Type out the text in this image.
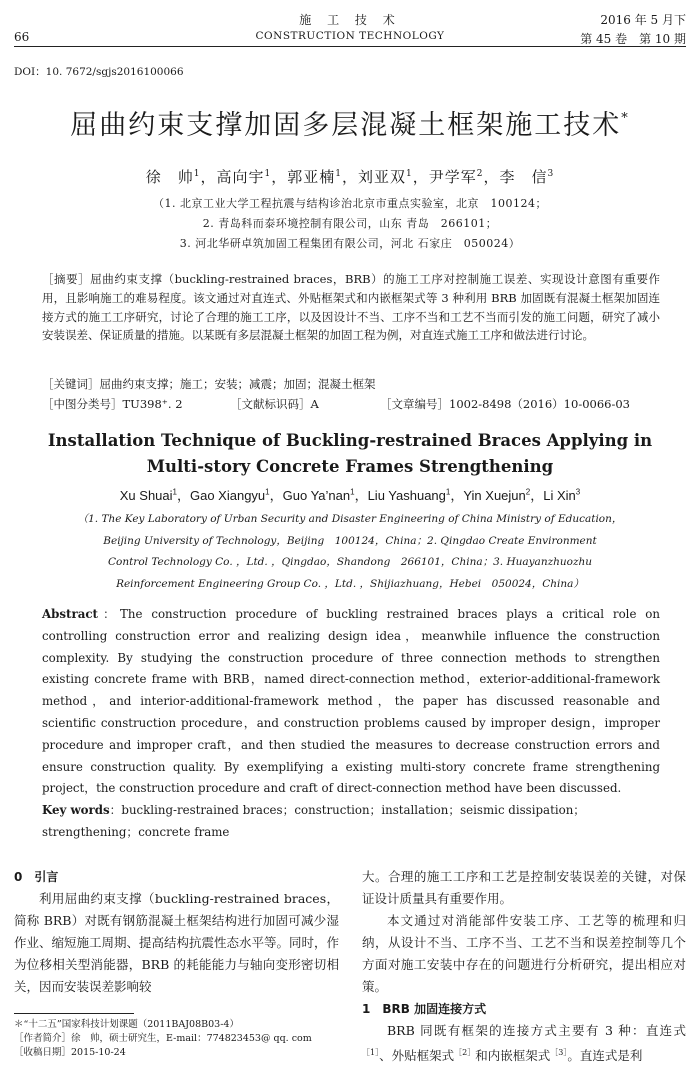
66
施 工 技 术
CONSTRUCTION TECHNOLOGY
2016 年 5 月下
第 45 卷　第 10 期
DOI：10. 7672/sgjs2016100066
屈曲约束支撑加固多层混凝土框架施工技术*
徐　帅$^1$，高向宇$^1$，郭亚楠$^1$，刘亚双$^1$，尹学军$^2$，李　信$^3$
（1. 北京工业大学工程抗震与结构诊治北京市重点实验室，北京　100124；
2. 青岛科而泰环境控制有限公司，山东 青岛　266101；
3. 河北华研卓筑加固工程集团有限公司，河北 石家庄　050024）
［摘要］屈曲约束支撑（buckling-restrained braces，BRB）的施工工序对控制施工误差、实现设计意图有重要作用，且影响施工的难易程度。该文通过对直连式、外贴框架式和内嵌框架式等 3 种利用 BRB 加固既有混凝土框架加固连接方式的施工工序研究，讨论了合理的施工工序，以及因设计不当、工序不当和工艺不当而引发的施工问题，研究了减小安装误差、保证质量的措施。以某既有多层混凝土框架的加固工程为例，对直连式施工工序和做法进行讨论。
［关键词］屈曲约束支撑；施工；安装；减震；加固；混凝土框架
［中图分类号］TU398⁺. 2	［文献标识码］A	［文章编号］1002-8498（2016）10-0066-03
Installation Technique of Buckling-restrained Braces Applying in Multi-story Concrete Frames Strengthening
Xu Shuai$^1$，Gao Xiangyu$^1$，Guo Ya’nan$^1$，Liu Yashuang$^1$，Yin Xuejun$^2$，Li Xin$^3$
（1. The Key Laboratory of Urban Security and Disaster Engineering of China Ministry of Education，
Beijing University of Technology，Beijing　100124，China；2. Qingdao Create Environment
Control Technology Co. ，Ltd. ，Qingdao，Shandong　266101，China；3. Huayanzhuozhu
Reinforcement Engineering Group Co. ，Ltd. ，Shijiazhuang，Hebei　050024，China）
Abstract：The construction procedure of buckling restrained braces plays a critical role on controlling construction error and realizing design idea，meanwhile influence the construction complexity. By studying the construction procedure of three connection methods to strengthen existing concrete frame with BRB，named direct-connection method，exterior-additional-framework method，and interior-additional-framework method，the paper has discussed reasonable and scientific construction procedure，and construction problems caused by improper design，improper procedure and improper craft，and then studied the measures to decrease construction errors and ensure construction quality. By exemplifying a existing multi-story concrete frame strengthening project，the construction procedure and craft of direct-connection method have been discussed.
Key words：buckling-restrained braces；construction；installation；seismic dissipation；strengthening；concrete frame
0　 引言

利用屈曲约束支撑（buckling-restrained braces，简称 BRB）对既有钢筋混凝土框架结构进行加固可减少湿作业、缩短施工周期、提高结构抗震性态水平等。同时，作为位移相关型消能器，BRB 的耗能能力与轴向变形密切相关，因而安装误差影响较

大。合理的施工工序和工艺是控制安装误差的关键，对保证设计质量具有重要作用。

本文通过对消能部件安装工序、工艺等的梳理和归纳，从设计不当、工序不当、工艺不当和误差控制等几个方面对施工安装中存在的问题进行分析研究，提出相应对策。

1　 BRB 加固连接方式

BRB 同既有框架的连接方式主要有 3 种：直连式$^{[1]}$、外贴框架式$^{[2]}$和内嵌框架式$^{[3]}$。直连式是利

＊“十二五”国家科技计划课题（2011BAJ08B03-4）
［作者简介］徐　帅，硕士研究生，E-mail：774823453@ qq. com
［收稿日期］2015-10-24
